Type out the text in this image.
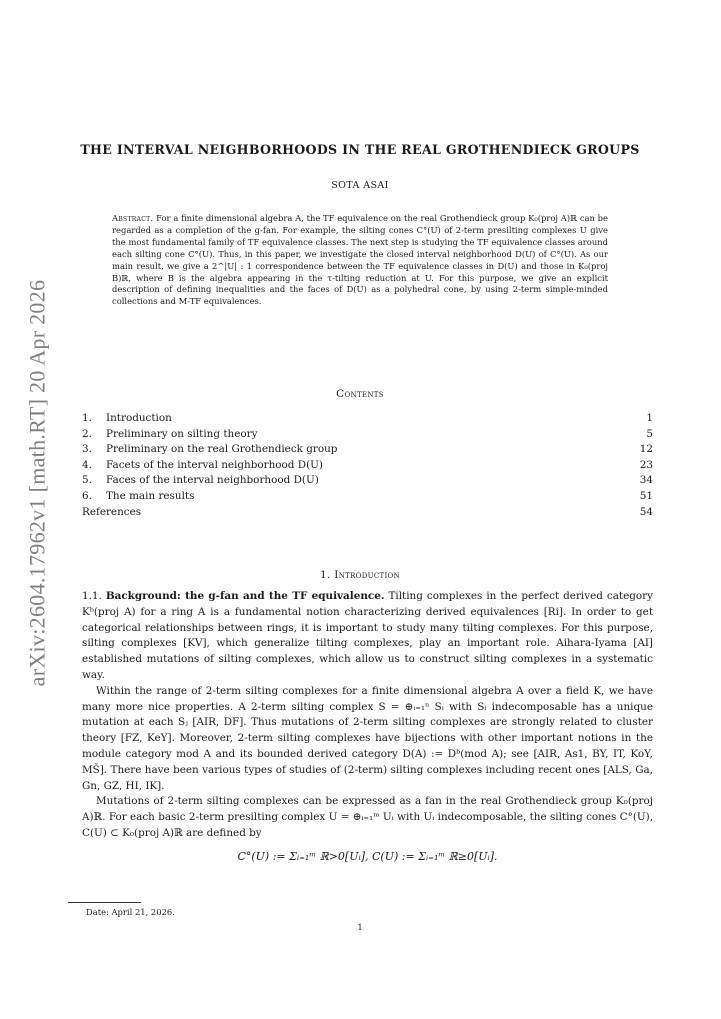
arXiv:2604.17962v1 [math.RT] 20 Apr 2026
THE INTERVAL NEIGHBORHOODS IN THE REAL GROTHENDIECK GROUPS
SOTA ASAI
Abstract. For a finite dimensional algebra A, the TF equivalence on the real Grothendieck group K₀(proj A)ℝ can be regarded as a completion of the g-fan. For example, the silting cones C°(U) of 2-term presilting complexes U give the most fundamental family of TF equivalence classes. The next step is studying the TF equivalence classes around each silting cone C°(U). Thus, in this paper, we investigate the closed interval neighborhood D(U) of C°(U). As our main result, we give a 2^|U| : 1 correspondence between the TF equivalence classes in D(U) and those in K₀(proj B)ℝ, where B is the algebra appearing in the τ-tilting reduction at U. For this purpose, we give an explicit description of defining inequalities and the faces of D(U) as a polyhedral cone, by using 2-term simple-minded collections and M-TF equivalences.
Contents
1. Introduction	1
2. Preliminary on silting theory	5
3. Preliminary on the real Grothendieck group	12
4. Facets of the interval neighborhood D(U)	23
5. Faces of the interval neighborhood D(U)	34
6. The main results	51
References	54
1. Introduction

1.1. Background: the g-fan and the TF equivalence. Tilting complexes in the perfect derived category Kᵇ(proj A) for a ring A is a fundamental notion characterizing derived equivalences [Ri]. In order to get categorical relationships between rings, it is important to study many tilting complexes. For this purpose, silting complexes [KV], which generalize tilting complexes, play an important role. Aihara-Iyama [AI] established mutations of silting complexes, which allow us to construct silting complexes in a systematic way.

Within the range of 2-term silting complexes for a finite dimensional algebra A over a field K, we have many more nice properties. A 2-term silting complex S = ⊕ᵢ₌₁ⁿ Sᵢ with Sᵢ indecomposable has a unique mutation at each Sⱼ [AIR, DF]. Thus mutations of 2-term silting complexes are strongly related to cluster theory [FZ, KeY]. Moreover, 2-term silting complexes have bijections with other important notions in the module category mod A and its bounded derived category D(A) := Dᵇ(mod A); see [AIR, As1, BY, IT, KoY, MŠ]. There have been various types of studies of (2-term) silting complexes including recent ones [ALS, Ga, Gn, GZ, HI, IK].

Mutations of 2-term silting complexes can be expressed as a fan in the real Grothendieck group K₀(proj A)ℝ. For each basic 2-term presilting complex U = ⊕ᵢ₌₁ᵐ Uᵢ with Uᵢ indecomposable, the silting cones C°(U), C(U) ⊂ K₀(proj A)ℝ are defined by

C°(U) := Σᵢ₌₁ᵐ ℝ>0[Uᵢ], C(U) := Σᵢ₌₁ᵐ ℝ≥0[Uᵢ].
Date: April 21, 2026.
1
